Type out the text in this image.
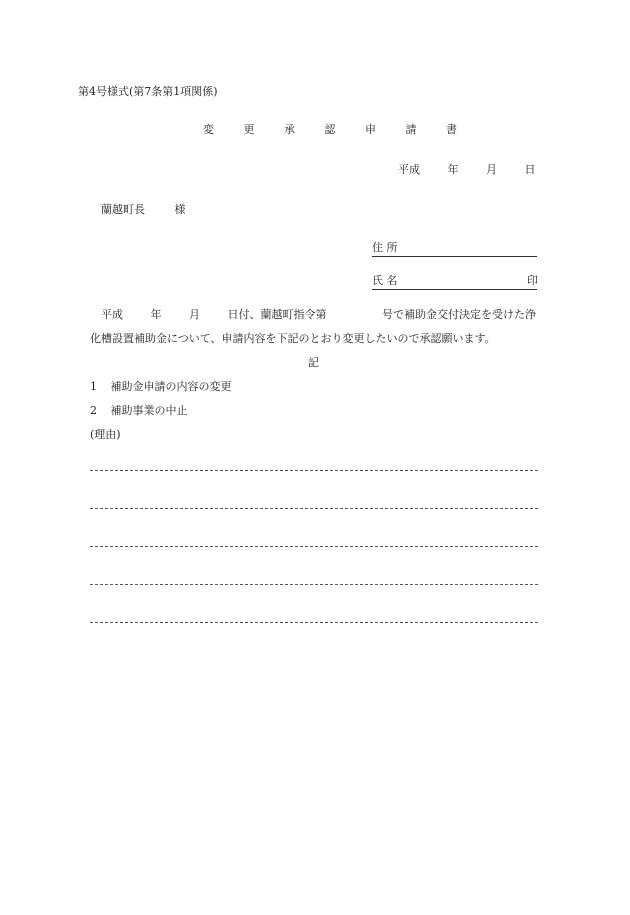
第4号様式(第7条第1項関係)
変	更	承	認	申	請	書
平成	年	月	日
蘭越町長	様
住 所
氏 名	印
平成	年	月	日付、蘭越町指令第	号で補助金交付決定を受けた浄
化槽設置補助金について、申請内容を下記のとおり変更したいので承認願います。
記
1 補助金申請の内容の変更
2 補助事業の中止
(理由)
